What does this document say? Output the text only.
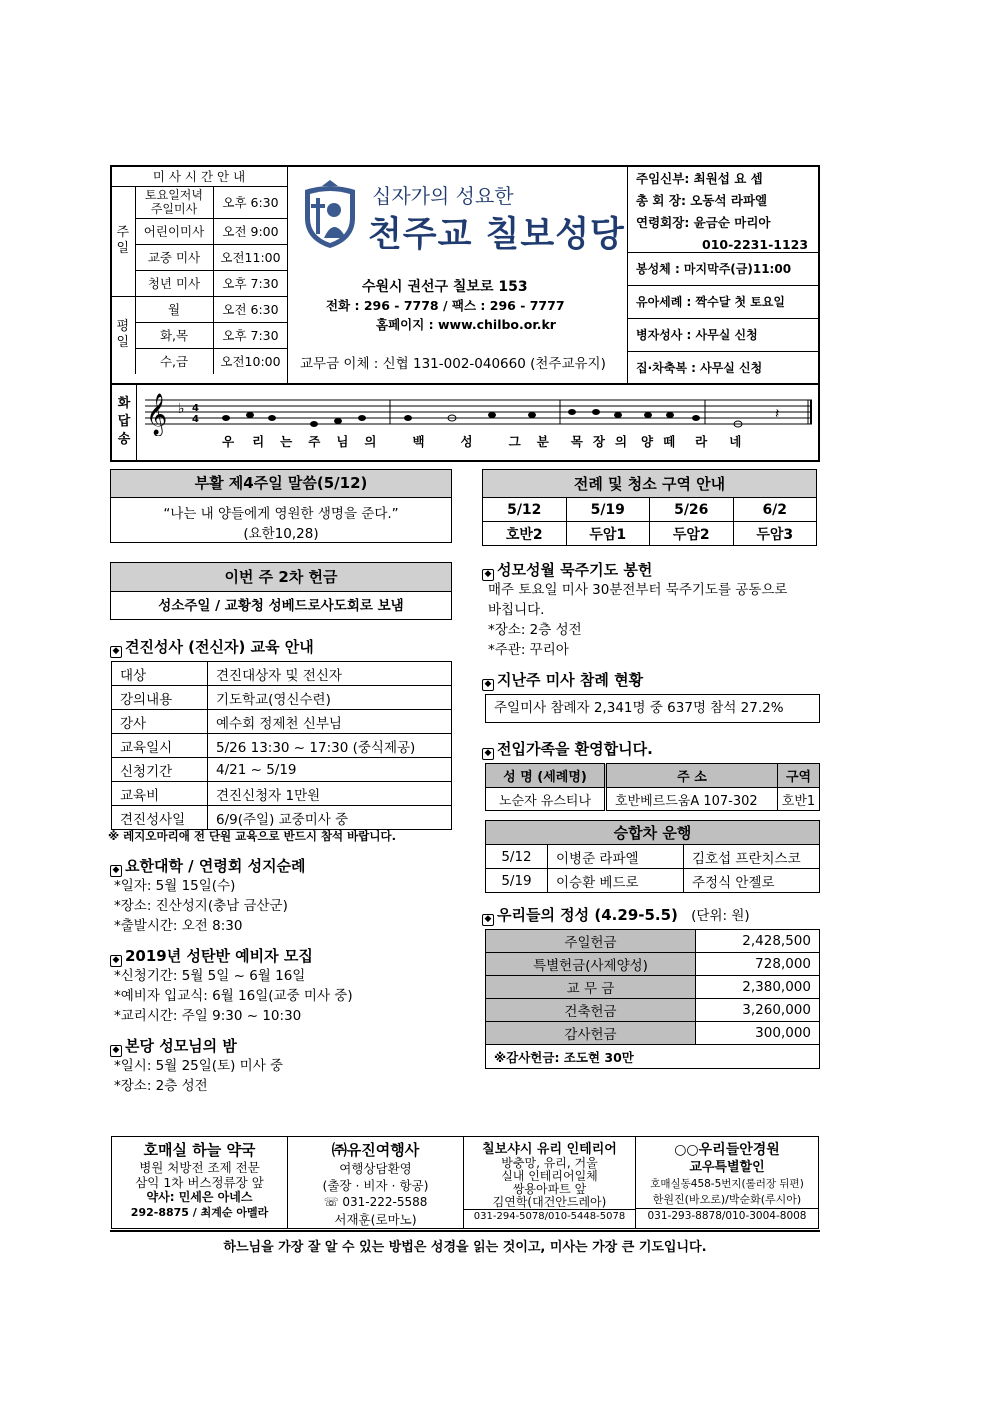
미 사 시 간 안 내		
주
일	토요일저녁 주일미사	오후 6:30
	어린이미사	오전 9:00
	교중 미사	오전11:00
	청년 미사	오후 7:30
평
일	월	오전 6:30
	화,목	오후 7:30
	수,금	오전10:00
십자가의 성요한
천주교 칠보성당
수원시 권선구 칠보로 153
전화 : 296 - 7778 / 팩스 : 296 - 7777
홈페이지 : www.chilbo.or.kr
교무금 이체 : 신협 131-002-040660 (천주교유지)
주임신부: 최원섭 요 셉
총 회 장: 오동석 라파엘
연령회장: 윤금순 마리아
010-2231-1123
봉성체 : 마지막주(금)11:00
유아세례 : 짝수달 첫 토요일
병자성사 : 사무실 신청
집·차축복 : 사무실 신청
화
답
송
𝄞 ♭ 4
4	𝄽
우 리 는 주 님 의	백	성	그 분 목 장 의 양 떼 라 네
부활 제4주일 말씀(5/12)
“나는 내 양들에게 영원한 생명을 준다.”
(요한10,28)
이번 주 2차 헌금
성소주일 / 교황청 성베드로사도회로 보냄
◆ 견진성사 (전신자) 교육 안내
대상	견진대상자 및 전신자
강의내용	기도학교(영신수련)
강사	예수회 정제천 신부님
교육일시	5/26 13:30 ~ 17:30 (중식제공)
신청기간	4/21 ~ 5/19
교육비	견진신청자 1만원
견진성사일	6/9(주일) 교중미사 중
※ 레지오마리애 전 단원 교육으로 반드시 참석 바랍니다.
◆ 요한대학 / 연령회 성지순례
*일자: 5월 15일(수)
*장소: 진산성지(충남 금산군)
*출발시간: 오전 8:30
◆ 2019년 성탄반 예비자 모집
*신청기간: 5월 5일 ~ 6월 16일
*예비자 입교식: 6월 16일(교중 미사 중)
*교리시간: 주일 9:30 ~ 10:30
◆ 본당 성모님의 밤
*일시: 5월 25일(토) 미사 중
*장소: 2층 성전
전례 및 청소 구역 안내			
5/12	5/19	5/26	6/2
호반2	두암1	두암2	두암3
◆ 성모성월 묵주기도 봉헌
매주 토요일 미사 30분전부터 묵주기도를 공동으로
바칩니다.
*장소: 2층 성전
*주관: 꾸리아
◆ 지난주 미사 참례 현황
주일미사 참례자 2,341명 중 637명 참석 27.2%
◆ 전입가족을 환영합니다.
성 명 (세례명)	주 소	구역
노순자 유스티나	호반베르드움A 107-302	호반1
승합차 운행		
5/12	이병준 라파엘	김호섭 프란치스코
5/19	이승환 베드로	주정식 안젤로
◆ 우리들의 정성 (4.29-5.5) (단위: 원)
주일헌금	2,428,500
특별헌금(사제양성)	728,000
교 무 금	2,380,000
건축헌금	3,260,000
감사헌금	300,000
※감사헌금: 조도현 30만	
호매실 하늘 약국
병원 처방전 조제 전문
삼익 1차 버스정류장 앞
약사: 민세은 아네스
292-8875 / 최계순 아멜라

㈜유진여행사
여행상담환영
(출장 · 비자 · 항공)
☏ 031-222-5588
서재훈(로마노)

칠보샤시 유리 인테리어
방충망, 유리, 거울
실내 인테리어일체
쌍용아파트 앞
김연학(대건안드레아)
031-294-5078/010-5448-5078

○○우리들안경원
교우특별할인
호매실동458-5번지(롤러장 뒤편)
한원진(바오로)/박순화(루시아)
031-293-8878/010-3004-8008
하느님을 가장 잘 알 수 있는 방법은 성경을 읽는 것이고, 미사는 가장 큰 기도입니다.
